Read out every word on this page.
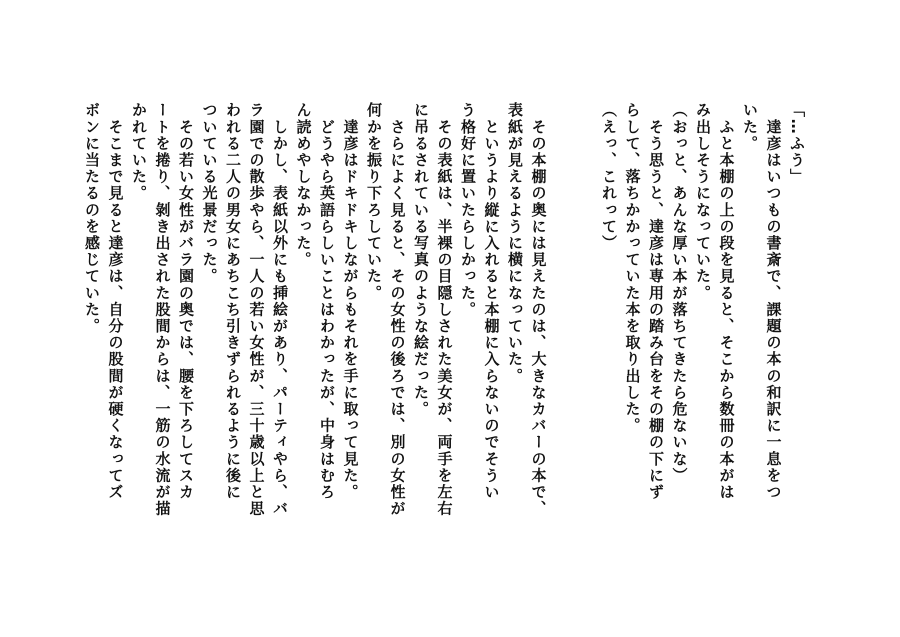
「…ふう」
　達彦はいつもの書斎で、課題の本の和訳に一息をつ
いた。
　ふと本棚の上の段を見ると、そこから数冊の本がは
み出しそうになっていた。
（おっと、あんな厚い本が落ちてきたら危ないな）
　そう思うと、達彦は専用の踏み台をその棚の下にず
らして、落ちかかっていた本を取り出した。
（えっ、これって）
　その本棚の奥には見えたのは、大きなカバーの本で、
表紙が見えるように横になっていた。
　というより縦に入れると本棚に入らないのでそうい
う格好に置いたらしかった。
　その表紙は、半裸の目隠しされた美女が、両手を左右
に吊るされている写真のような絵だった。
　さらによく見ると、その女性の後ろでは、別の女性が
何かを振り下ろしていた。
　達彦はドキドキしながらもそれを手に取って見た。
　どうやら英語らしいことはわかったが、中身はむろ
ん読めやしなかった。
　しかし、表紙以外にも挿絵があり、パーティやら、バ
ラ園での散歩やら、一人の若い女性が、三十歳以上と思
われる二人の男女にあちこち引きずられるように後に
ついている光景だった。
　その若い女性がバラ園の奥では、腰を下ろしてスカ
ートを捲り、剝き出された股間からは、一筋の水流が描
かれていた。
　そこまで見ると達彦は、自分の股間が硬くなってズ
ボンに当たるのを感じていた。
